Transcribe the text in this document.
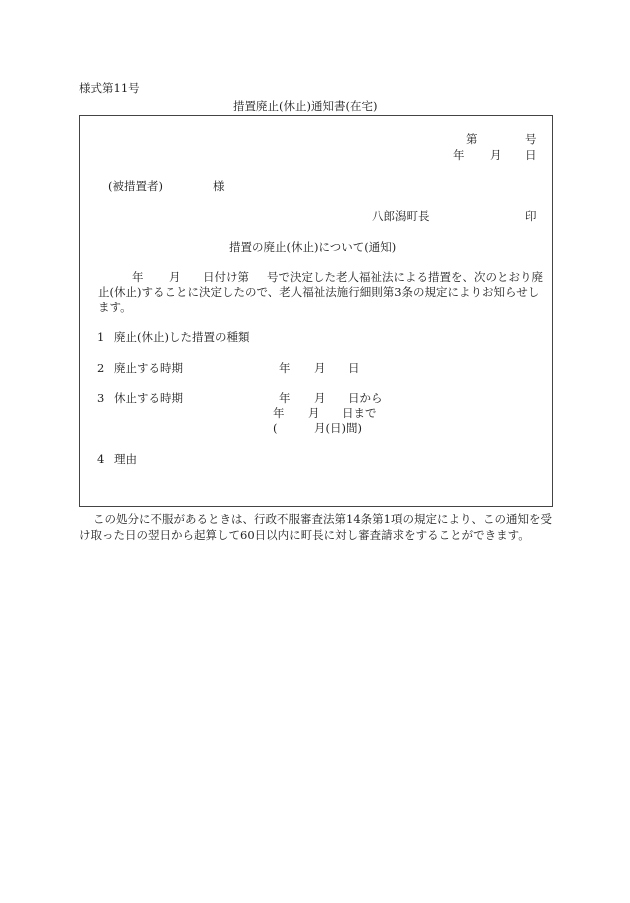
様式第11号
措置廃止(休止)通知書(在宅)
第	号
年 月 日
(被措置者)	様
八郎潟町長	印
措置の廃止(休止)について(通知)
年 月 日付け第 号で決定した老人福祉法による措置を、次のとおり廃
止(休止)することに決定したので、老人福祉法施行細則第3条の規定によりお知らせし
ます。
1 廃止(休止)した措置の種類
2 廃止する時期	年 月 日
3 休止する時期	年 月 日から
年 月 日まで
(	月(日)間)
4 理由
この処分に不服があるときは、行政不服審査法第14条第1項の規定により、この通知を受
け取った日の翌日から起算して60日以内に町長に対し審査請求をすることができます。
